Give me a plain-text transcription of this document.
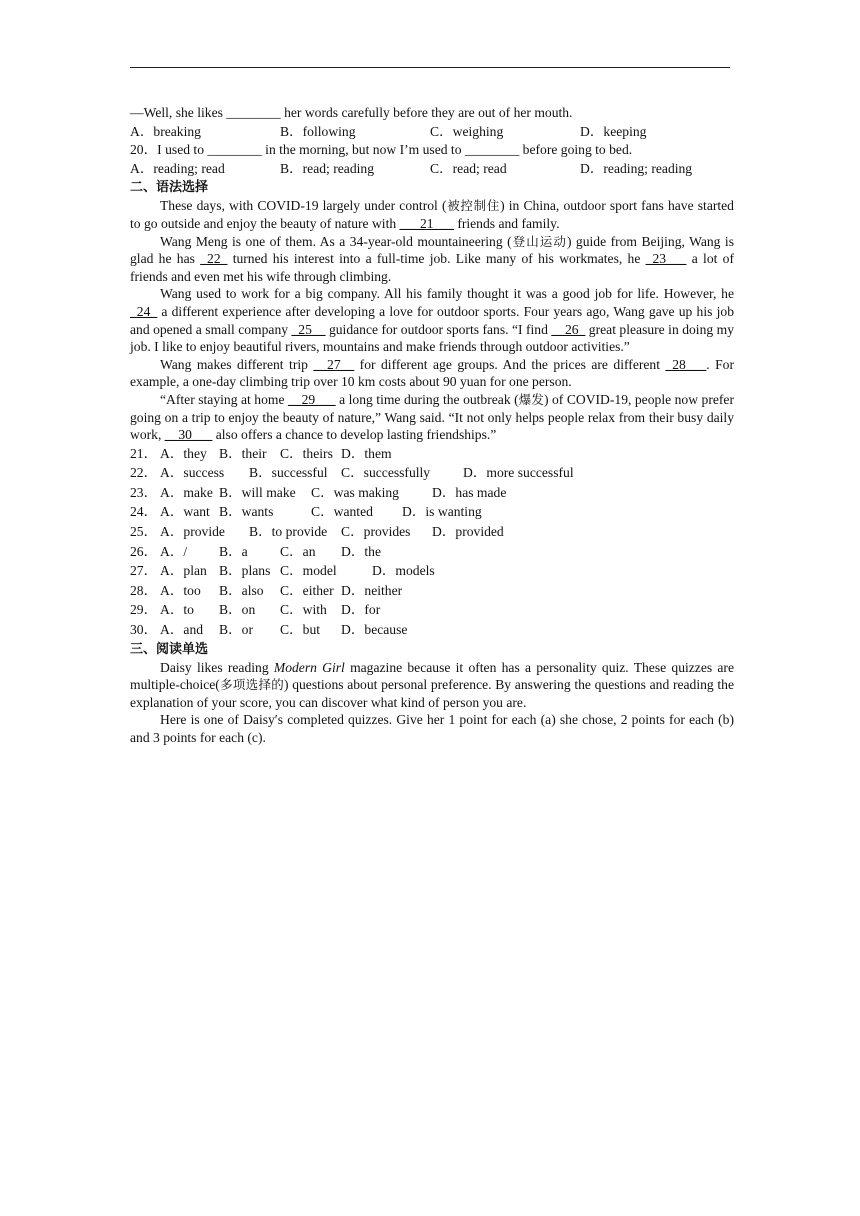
—Well, she likes ________ her words carefully before they are out of her mouth.
A．breaking	B．following	C．weighing	D．keeping
20．I used to ________ in the morning, but now I’m used to ________ before going to bed.
A．reading; read	B．read; reading	C．read; read	D．reading; reading
二、语法选择

These days, with COVID-19 largely under control (被控制住) in China, outdoor sport fans have started to go outside and enjoy the beauty of nature with ___21___ friends and family.

Wang Meng is one of them. As a 34-year-old mountaineering (登山运动) guide from Beijing, Wang is glad he has _22_ turned his interest into a full-time job. Like many of his workmates, he _23___ a lot of friends and even met his wife through climbing.

Wang used to work for a big company. All his family thought it was a good job for life. However, he _24_ a different experience after developing a love for outdoor sports. Four years ago, Wang gave up his job and opened a small company _25__ guidance for outdoor sports fans. “I find __26_ great pleasure in doing my job. I like to enjoy beautiful rivers, mountains and make friends through outdoor activities.”

Wang makes different trip __27__ for different age groups. And the prices are different _28___. For example, a one-day climbing trip over 10 km costs about 90 yuan for one person.

“After staying at home __29___ a long time during the outbreak (爆发) of COVID-19, people now prefer going on a trip to enjoy the beauty of nature,” Wang said. “It not only helps people relax from their busy daily work, __30___ also offers a chance to develop lasting friendships.”

21． A．they B．their C．theirs D．them
22． A．success B．successful C．successfully D．more successful
23． A．make B．will make C．was making D．has made
24． A．want B．wants	C．wanted D．is wanting
25． A．provide B．to provide C．provides D．provided
26． A．/ B．a C．an D．the
27． A．plan B．plans C．model	D．models
28． A．too B．also C．either D．neither
29． A．to B．on C．with D．for
30． A．and B．or C．but D．because
三、阅读单选

Daisy likes reading Modern Girl magazine because it often has a personality quiz. These quizzes are multiple-choice(多项选择的) questions about personal preference. By answering the questions and reading the explanation of your score, you can discover what kind of person you are.

Here is one of Daisy′s completed quizzes. Give her 1 point for each (a) she chose, 2 points for each (b) and 3 points for each (c).
